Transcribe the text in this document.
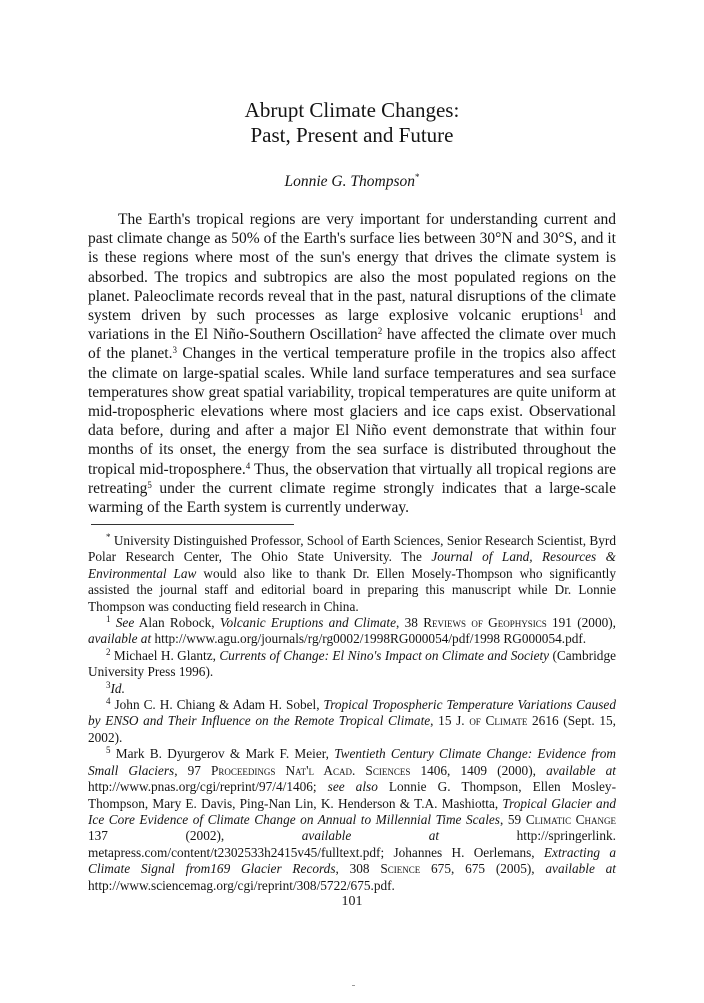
Abrupt Climate Changes:
Past, Present and Future
Lonnie G. Thompson*

The Earth's tropical regions are very important for understanding current and past climate change as 50% of the Earth's surface lies between 30°N and 30°S, and it is these regions where most of the sun's energy that drives the climate system is absorbed. The tropics and subtropics are also the most populated regions on the planet. Paleoclimate records reveal that in the past, natural disruptions of the climate system driven by such processes as large explosive volcanic eruptions$^1$ and variations in the El Niño-Southern Oscillation$^2$ have affected the climate over much of the planet.$^3$ Changes in the vertical temperature profile in the tropics also affect the climate on large-spatial scales. While land surface temperatures and sea surface temperatures show great spatial variability, tropical temperatures are quite uniform at mid-tropospheric elevations where most glaciers and ice caps exist. Observational data before, during and after a major El Niño event demonstrate that within four months of its onset, the energy from the sea surface is distributed throughout the tropical mid-troposphere.$^4$ Thus, the observation that virtually all tropical regions are retreating$^5$ under the current climate regime strongly indicates that a large-scale warming of the Earth system is currently underway.

* University Distinguished Professor, School of Earth Sciences, Senior Research Scientist, Byrd Polar Research Center, The Ohio State University. The Journal of Land, Resources & Environmental Law would also like to thank Dr. Ellen Mosely-Thompson who significantly assisted the journal staff and editorial board in preparing this manuscript while Dr. Lonnie Thompson was conducting field research in China.

$^1$ See Alan Robock, Volcanic Eruptions and Climate, 38 Reviews of Geophysics 191 (2000), available at http://www.agu.org/journals/rg/rg0002/1998RG000054/pdf/1998 RG000054.pdf.

$^2$ Michael H. Glantz, Currents of Change: El Nino's Impact on Climate and Society (Cambridge University Press 1996).

$^3$Id.

$^4$ John C. H. Chiang & Adam H. Sobel, Tropical Tropospheric Temperature Variations Caused by ENSO and Their Influence on the Remote Tropical Climate, 15 J. of Climate 2616 (Sept. 15, 2002).

$^5$ Mark B. Dyurgerov & Mark F. Meier, Twentieth Century Climate Change: Evidence from Small Glaciers, 97 Proceedings Nat'l Acad. Sciences 1406, 1409 (2000), available at http://www.pnas.org/cgi/reprint/97/4/1406; see also Lonnie G. Thompson, Ellen Mosley-Thompson, Mary E. Davis, Ping-Nan Lin, K. Henderson & T.A. Mashiotta, Tropical Glacier and Ice Core Evidence of Climate Change on Annual to Millennial Time Scales, 59 Climatic Change 137 (2002), available at http://springerlink. metapress.com/content/t2302533h2415v45/fulltext.pdf; Johannes H. Oerlemans, Extracting a Climate Signal from169 Glacier Records, 308 Science 675, 675 (2005), available at http://www.sciencemag.org/cgi/reprint/308/5722/675.pdf.

101
